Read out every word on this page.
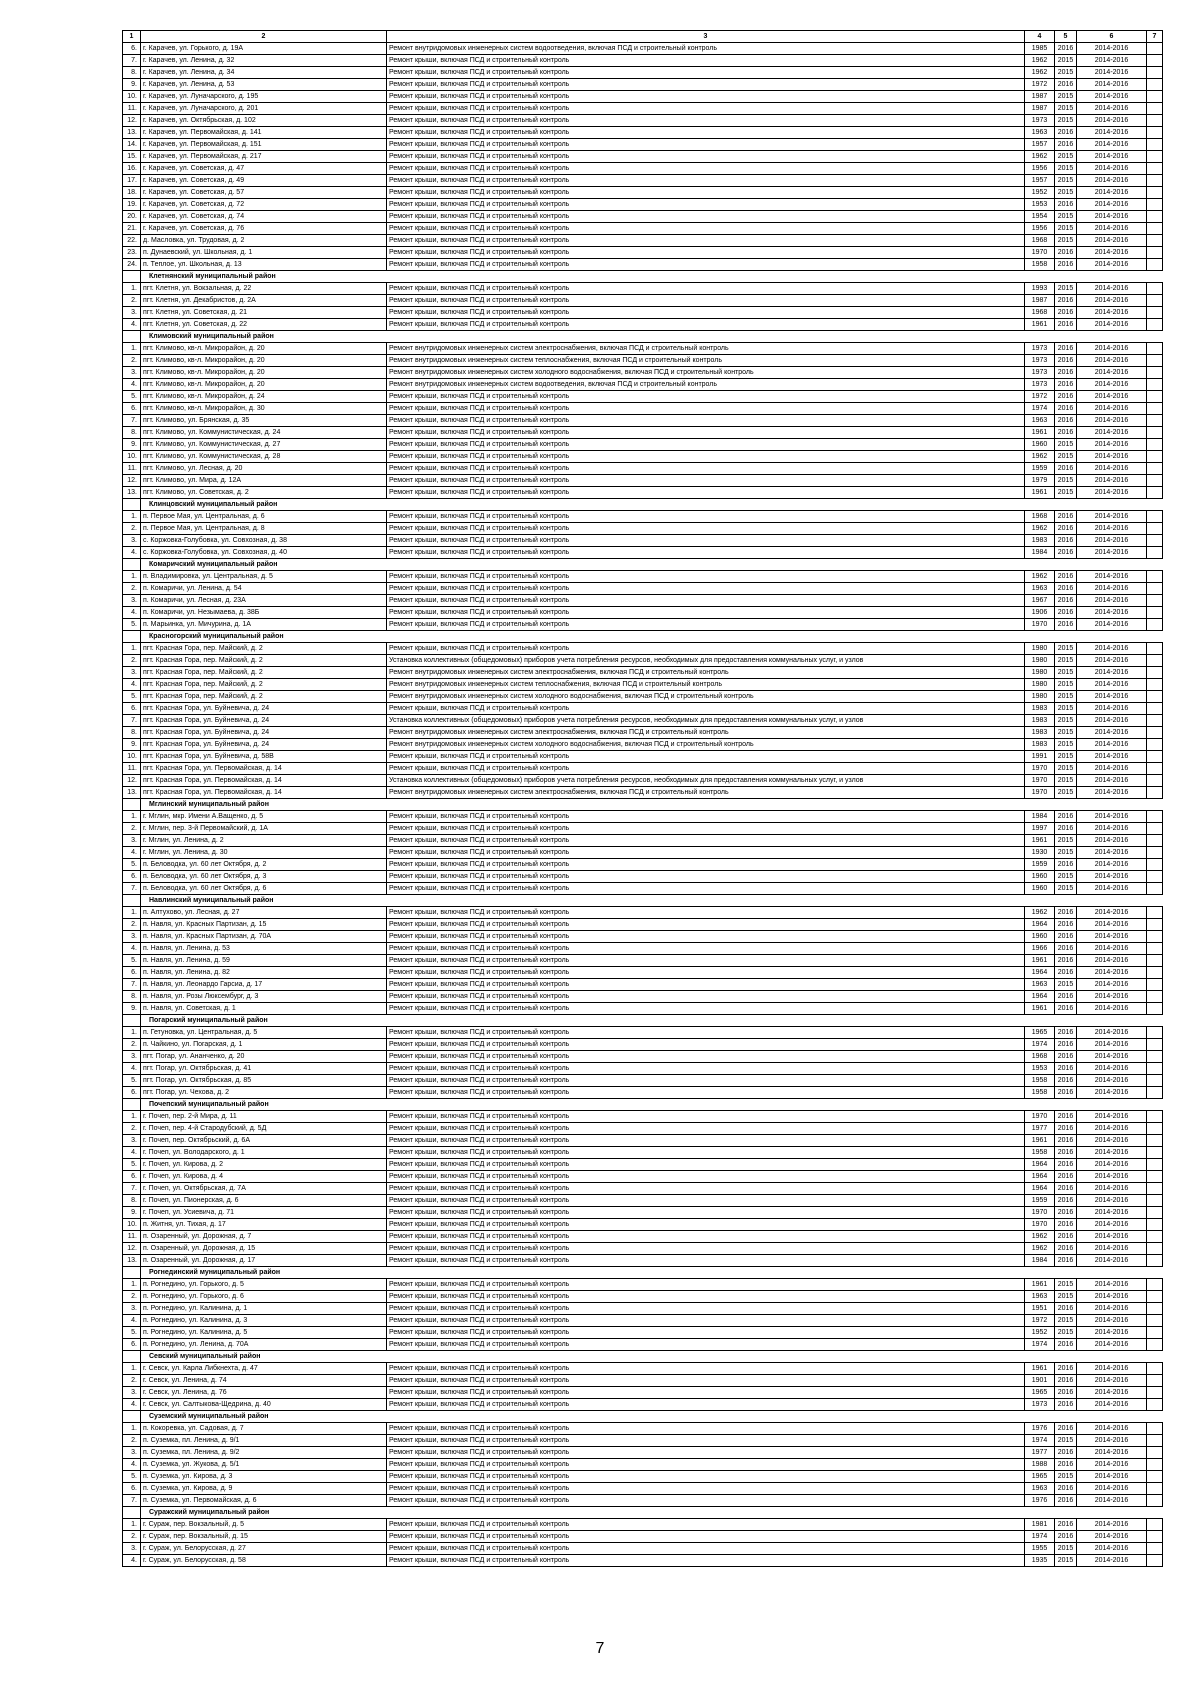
1	2	3	4	5	6	7
6.	г. Карачев, ул. Горького, д. 19А	Ремонт внутридомовых инженерных систем водоотведения, включая ПСД и строительный контроль	1985	2016	2014-2016	
7.	г. Карачев, ул. Ленина, д. 32	Ремонт крыши, включая ПСД и строительный контроль	1962	2015	2014-2016	
8.	г. Карачев, ул. Ленина, д. 34	Ремонт крыши, включая ПСД и строительный контроль	1962	2015	2014-2016	
9.	г. Карачев, ул. Ленина, д. 53	Ремонт крыши, включая ПСД и строительный контроль	1972	2016	2014-2016	
10.	г. Карачев, ул. Луначарского, д. 195	Ремонт крыши, включая ПСД и строительный контроль	1987	2015	2014-2016	
11.	г. Карачев, ул. Луначарского, д. 201	Ремонт крыши, включая ПСД и строительный контроль	1987	2015	2014-2016	
12.	г. Карачев, ул. Октябрьская, д. 102	Ремонт крыши, включая ПСД и строительный контроль	1973	2015	2014-2016	
13.	г. Карачев, ул. Первомайская, д. 141	Ремонт крыши, включая ПСД и строительный контроль	1963	2016	2014-2016	
14.	г. Карачев, ул. Первомайская, д. 151	Ремонт крыши, включая ПСД и строительный контроль	1957	2016	2014-2016	
15.	г. Карачев, ул. Первомайская, д. 217	Ремонт крыши, включая ПСД и строительный контроль	1962	2015	2014-2016	
16.	г. Карачев, ул. Советская, д. 47	Ремонт крыши, включая ПСД и строительный контроль	1956	2015	2014-2016	
17.	г. Карачев, ул. Советская, д. 49	Ремонт крыши, включая ПСД и строительный контроль	1957	2015	2014-2016	
18.	г. Карачев, ул. Советская, д. 57	Ремонт крыши, включая ПСД и строительный контроль	1952	2015	2014-2016	
19.	г. Карачев, ул. Советская, д. 72	Ремонт крыши, включая ПСД и строительный контроль	1953	2016	2014-2016	
20.	г. Карачев, ул. Советская, д. 74	Ремонт крыши, включая ПСД и строительный контроль	1954	2015	2014-2016	
21.	г. Карачев, ул. Советская, д. 76	Ремонт крыши, включая ПСД и строительный контроль	1956	2015	2014-2016	
22.	д. Масловка, ул. Трудовая, д. 2	Ремонт крыши, включая ПСД и строительный контроль	1968	2015	2014-2016	
23.	п. Дунаевский, ул. Школьная, д. 1	Ремонт крыши, включая ПСД и строительный контроль	1970	2016	2014-2016	
24.	п. Теплое, ул. Школьная, д. 13	Ремонт крыши, включая ПСД и строительный контроль	1958	2016	2014-2016	
	Клетнянский муниципальный район					
1.	пгт. Клетня, ул. Вокзальная, д. 22	Ремонт крыши, включая ПСД и строительный контроль	1993	2015	2014-2016	
2.	пгт. Клетня, ул. Декабристов, д. 2А	Ремонт крыши, включая ПСД и строительный контроль	1987	2016	2014-2016	
3.	пгт. Клетня, ул. Советская, д. 21	Ремонт крыши, включая ПСД и строительный контроль	1968	2016	2014-2016	
4.	пгт. Клетня, ул. Советская, д. 22	Ремонт крыши, включая ПСД и строительный контроль	1961	2016	2014-2016	
	Климовский муниципальный район					
1.	пгт. Климово, кв-л. Микрорайон, д. 20	Ремонт внутридомовых инженерных систем электроснабжения, включая ПСД и строительный контроль	1973	2016	2014-2016	
2.	пгт. Климово, кв-л. Микрорайон, д. 20	Ремонт внутридомовых инженерных систем теплоснабжения, включая ПСД и строительный контроль	1973	2016	2014-2016	
3.	пгт. Климово, кв-л. Микрорайон, д. 20	Ремонт внутридомовых инженерных систем холодного водоснабжения, включая ПСД и строительный контроль	1973	2016	2014-2016	
4.	пгт. Климово, кв-л. Микрорайон, д. 20	Ремонт внутридомовых инженерных систем водоотведения, включая ПСД и строительный контроль	1973	2016	2014-2016	
5.	пгт. Климово, кв-л. Микрорайон, д. 24	Ремонт крыши, включая ПСД и строительный контроль	1972	2016	2014-2016	
6.	пгт. Климово, кв-л. Микрорайон, д. 30	Ремонт крыши, включая ПСД и строительный контроль	1974	2016	2014-2016	
7.	пгт. Климово, ул. Брянская, д. 35	Ремонт крыши, включая ПСД и строительный контроль	1963	2016	2014-2016	
8.	пгт. Климово, ул. Коммунистическая, д. 24	Ремонт крыши, включая ПСД и строительный контроль	1961	2016	2014-2016	
9.	пгт. Климово, ул. Коммунистическая, д. 27	Ремонт крыши, включая ПСД и строительный контроль	1960	2015	2014-2016	
10.	пгт. Климово, ул. Коммунистическая, д. 28	Ремонт крыши, включая ПСД и строительный контроль	1962	2015	2014-2016	
11.	пгт. Климово, ул. Лесная, д. 20	Ремонт крыши, включая ПСД и строительный контроль	1959	2016	2014-2016	
12.	пгт. Климово, ул. Мира, д. 12А	Ремонт крыши, включая ПСД и строительный контроль	1979	2015	2014-2016	
13.	пгт. Климово, ул. Советская, д. 2	Ремонт крыши, включая ПСД и строительный контроль	1961	2015	2014-2016	
	Клинцовский муниципальный район					
1.	п. Первое Мая, ул. Центральная, д. 6	Ремонт крыши, включая ПСД и строительный контроль	1968	2016	2014-2016	
2.	п. Первое Мая, ул. Центральная, д. 8	Ремонт крыши, включая ПСД и строительный контроль	1962	2016	2014-2016	
3.	с. Коржовка-Голубовка, ул. Совхозная, д. 38	Ремонт крыши, включая ПСД и строительный контроль	1983	2016	2014-2016	
4.	с. Коржовка-Голубовка, ул. Совхозная, д. 40	Ремонт крыши, включая ПСД и строительный контроль	1984	2016	2014-2016	
	Комаричский муниципальный район					
1.	п. Владимировка, ул. Центральная, д. 5	Ремонт крыши, включая ПСД и строительный контроль	1962	2016	2014-2016	
2.	п. Комаричи, ул. Ленина, д. 54	Ремонт крыши, включая ПСД и строительный контроль	1963	2016	2014-2016	
3.	п. Комаричи, ул. Лесная, д. 23А	Ремонт крыши, включая ПСД и строительный контроль	1967	2016	2014-2016	
4.	п. Комаричи, ул. Незымаева, д. 38Б	Ремонт крыши, включая ПСД и строительный контроль	1906	2016	2014-2016	
5.	п. Марьинка, ул. Мичурина, д. 1А	Ремонт крыши, включая ПСД и строительный контроль	1970	2016	2014-2016	
	Красногорский муниципальный район					
1.	пгт. Красная Гора, пер. Майский, д. 2	Ремонт крыши, включая ПСД и строительный контроль	1980	2015	2014-2016	
2.	пгт. Красная Гора, пер. Майский, д. 2	Установка коллективных (общедомовых) приборов учета потребления ресурсов, необходимых для предоставления коммунальных услуг, и узлов	1980	2015	2014-2016	
3.	пгт. Красная Гора, пер. Майский, д. 2	Ремонт внутридомовых инженерных систем электроснабжения, включая ПСД и строительный контроль	1980	2015	2014-2016	
4.	пгт. Красная Гора, пер. Майский, д. 2	Ремонт внутридомовых инженерных систем теплоснабжения, включая ПСД и строительный контроль	1980	2015	2014-2016	
5.	пгт. Красная Гора, пер. Майский, д. 2	Ремонт внутридомовых инженерных систем холодного водоснабжения, включая ПСД и строительный контроль	1980	2015	2014-2016	
6.	пгт. Красная Гора, ул. Буйневича, д. 24	Ремонт крыши, включая ПСД и строительный контроль	1983	2015	2014-2016	
7.	пгт. Красная Гора, ул. Буйневича, д. 24	Установка коллективных (общедомовых) приборов учета потребления ресурсов, необходимых для предоставления коммунальных услуг, и узлов	1983	2015	2014-2016	
8.	пгт. Красная Гора, ул. Буйневича, д. 24	Ремонт внутридомовых инженерных систем электроснабжения, включая ПСД и строительный контроль	1983	2015	2014-2016	
9.	пгт. Красная Гора, ул. Буйневича, д. 24	Ремонт внутридомовых инженерных систем холодного водоснабжения, включая ПСД и строительный контроль	1983	2015	2014-2016	
10.	пгт. Красная Гора, ул. Буйневича, д. 58В	Ремонт крыши, включая ПСД и строительный контроль	1991	2015	2014-2016	
11.	пгт. Красная Гора, ул. Первомайская, д. 14	Ремонт крыши, включая ПСД и строительный контроль	1970	2015	2014-2016	
12.	пгт. Красная Гора, ул. Первомайская, д. 14	Установка коллективных (общедомовых) приборов учета потребления ресурсов, необходимых для предоставления коммунальных услуг, и узлов	1970	2015	2014-2016	
13.	пгт. Красная Гора, ул. Первомайская, д. 14	Ремонт внутридомовых инженерных систем электроснабжения, включая ПСД и строительный контроль	1970	2015	2014-2016	
	Мглинский муниципальный район					
1.	г. Мглин, мкр. Имени А.Ващенко, д. 5	Ремонт крыши, включая ПСД и строительный контроль	1984	2016	2014-2016	
2.	г. Мглин, пер. 3-й Первомайский, д. 1А	Ремонт крыши, включая ПСД и строительный контроль	1997	2016	2014-2016	
3.	г. Мглин, ул. Ленина, д. 2	Ремонт крыши, включая ПСД и строительный контроль	1961	2015	2014-2016	
4.	г. Мглин, ул. Ленина, д. 30	Ремонт крыши, включая ПСД и строительный контроль	1930	2015	2014-2016	
5.	п. Беловодка, ул. 60 лет Октября, д. 2	Ремонт крыши, включая ПСД и строительный контроль	1959	2016	2014-2016	
6.	п. Беловодка, ул. 60 лет Октября, д. 3	Ремонт крыши, включая ПСД и строительный контроль	1960	2015	2014-2016	
7.	п. Беловодка, ул. 60 лет Октября, д. 6	Ремонт крыши, включая ПСД и строительный контроль	1960	2015	2014-2016	
	Навлинский муниципальный район					
1.	п. Алтухово, ул. Лесная, д. 27	Ремонт крыши, включая ПСД и строительный контроль	1962	2016	2014-2016	
2.	п. Навля, ул. Красных Партизан, д. 15	Ремонт крыши, включая ПСД и строительный контроль	1964	2016	2014-2016	
3.	п. Навля, ул. Красных Партизан, д. 70А	Ремонт крыши, включая ПСД и строительный контроль	1960	2016	2014-2016	
4.	п. Навля, ул. Ленина, д. 53	Ремонт крыши, включая ПСД и строительный контроль	1966	2016	2014-2016	
5.	п. Навля, ул. Ленина, д. 59	Ремонт крыши, включая ПСД и строительный контроль	1961	2016	2014-2016	
6.	п. Навля, ул. Ленина, д. 82	Ремонт крыши, включая ПСД и строительный контроль	1964	2016	2014-2016	
7.	п. Навля, ул. Леонардо Гарсиа, д. 17	Ремонт крыши, включая ПСД и строительный контроль	1963	2015	2014-2016	
8.	п. Навля, ул. Розы Люксембург, д. 3	Ремонт крыши, включая ПСД и строительный контроль	1964	2016	2014-2016	
9.	п. Навля, ул. Советская, д. 1	Ремонт крыши, включая ПСД и строительный контроль	1961	2016	2014-2016	
	Погарский муниципальный район					
1.	п. Гетуновка, ул. Центральная, д. 5	Ремонт крыши, включая ПСД и строительный контроль	1965	2016	2014-2016	
2.	п. Чайкино, ул. Погарская, д. 1	Ремонт крыши, включая ПСД и строительный контроль	1974	2016	2014-2016	
3.	пгт. Погар, ул. Ананченко, д. 20	Ремонт крыши, включая ПСД и строительный контроль	1968	2016	2014-2016	
4.	пгт. Погар, ул. Октябрьская, д. 41	Ремонт крыши, включая ПСД и строительный контроль	1953	2016	2014-2016	
5.	пгт. Погар, ул. Октябрьская, д. 85	Ремонт крыши, включая ПСД и строительный контроль	1958	2016	2014-2016	
6.	пгт. Погар, ул. Чехова, д. 2	Ремонт крыши, включая ПСД и строительный контроль	1958	2016	2014-2016	
	Почепский муниципальный район					
1.	г. Почеп, пер. 2-й Мира, д. 11	Ремонт крыши, включая ПСД и строительный контроль	1970	2016	2014-2016	
2.	г. Почеп, пер. 4-й Стародубский, д. 5Д	Ремонт крыши, включая ПСД и строительный контроль	1977	2016	2014-2016	
3.	г. Почеп, пер. Октябрьский, д. 6А	Ремонт крыши, включая ПСД и строительный контроль	1961	2016	2014-2016	
4.	г. Почеп, ул. Володарского, д. 1	Ремонт крыши, включая ПСД и строительный контроль	1958	2016	2014-2016	
5.	г. Почеп, ул. Кирова, д. 2	Ремонт крыши, включая ПСД и строительный контроль	1964	2016	2014-2016	
6.	г. Почеп, ул. Кирова, д. 4	Ремонт крыши, включая ПСД и строительный контроль	1964	2016	2014-2016	
7.	г. Почеп, ул. Октябрьская, д. 7А	Ремонт крыши, включая ПСД и строительный контроль	1964	2016	2014-2016	
8.	г. Почеп, ул. Пионерская, д. 6	Ремонт крыши, включая ПСД и строительный контроль	1959	2016	2014-2016	
9.	г. Почеп, ул. Усиевича, д. 71	Ремонт крыши, включая ПСД и строительный контроль	1970	2016	2014-2016	
10.	п. Житня, ул. Тихая, д. 17	Ремонт крыши, включая ПСД и строительный контроль	1970	2016	2014-2016	
11.	п. Озаренный, ул. Дорожная, д. 7	Ремонт крыши, включая ПСД и строительный контроль	1962	2016	2014-2016	
12.	п. Озаренный, ул. Дорожная, д. 15	Ремонт крыши, включая ПСД и строительный контроль	1962	2016	2014-2016	
13.	п. Озаренный, ул. Дорожная, д. 17	Ремонт крыши, включая ПСД и строительный контроль	1984	2016	2014-2016	
	Рогнединский муниципальный район					
1.	п. Рогнедино, ул. Горького, д. 5	Ремонт крыши, включая ПСД и строительный контроль	1961	2015	2014-2016	
2.	п. Рогнедино, ул. Горького, д. 6	Ремонт крыши, включая ПСД и строительный контроль	1963	2015	2014-2016	
3.	п. Рогнедино, ул. Калинина, д. 1	Ремонт крыши, включая ПСД и строительный контроль	1951	2016	2014-2016	
4.	п. Рогнедино, ул. Калинина, д. 3	Ремонт крыши, включая ПСД и строительный контроль	1972	2015	2014-2016	
5.	п. Рогнедино, ул. Калинина, д. 5	Ремонт крыши, включая ПСД и строительный контроль	1952	2015	2014-2016	
6.	п. Рогнедино, ул. Ленина, д. 70А	Ремонт крыши, включая ПСД и строительный контроль	1974	2016	2014-2016	
	Севский муниципальный район					
1.	г. Севск, ул. Карла Либкнехта, д. 47	Ремонт крыши, включая ПСД и строительный контроль	1961	2016	2014-2016	
2.	г. Севск, ул. Ленина, д. 74	Ремонт крыши, включая ПСД и строительный контроль	1901	2016	2014-2016	
3.	г. Севск, ул. Ленина, д. 76	Ремонт крыши, включая ПСД и строительный контроль	1965	2016	2014-2016	
4.	г. Севск, ул. Салтыкова-Щедрина, д. 40	Ремонт крыши, включая ПСД и строительный контроль	1973	2016	2014-2016	
	Суземский муниципальный район					
1.	п. Кокоревка, ул. Садовая, д. 7	Ремонт крыши, включая ПСД и строительный контроль	1976	2016	2014-2016	
2.	п. Суземка, пл. Ленина, д. 9/1	Ремонт крыши, включая ПСД и строительный контроль	1974	2015	2014-2016	
3.	п. Суземка, пл. Ленина, д. 9/2	Ремонт крыши, включая ПСД и строительный контроль	1977	2016	2014-2016	
4.	п. Суземка, ул. Жукова, д. 5/1	Ремонт крыши, включая ПСД и строительный контроль	1988	2016	2014-2016	
5.	п. Суземка, ул. Кирова, д. 3	Ремонт крыши, включая ПСД и строительный контроль	1965	2015	2014-2016	
6.	п. Суземка, ул. Кирова, д. 9	Ремонт крыши, включая ПСД и строительный контроль	1963	2016	2014-2016	
7.	п. Суземка, ул. Первомайская, д. 6	Ремонт крыши, включая ПСД и строительный контроль	1976	2016	2014-2016	
	Суражский муниципальный район					
1.	г. Сураж, пер. Вокзальный, д. 5	Ремонт крыши, включая ПСД и строительный контроль	1981	2016	2014-2016	
2.	г. Сураж, пер. Вокзальный, д. 15	Ремонт крыши, включая ПСД и строительный контроль	1974	2016	2014-2016	
3.	г. Сураж, ул. Белорусская, д. 27	Ремонт крыши, включая ПСД и строительный контроль	1955	2015	2014-2016	
4.	г. Сураж, ул. Белорусская, д. 58	Ремонт крыши, включая ПСД и строительный контроль	1935	2015	2014-2016	
7
